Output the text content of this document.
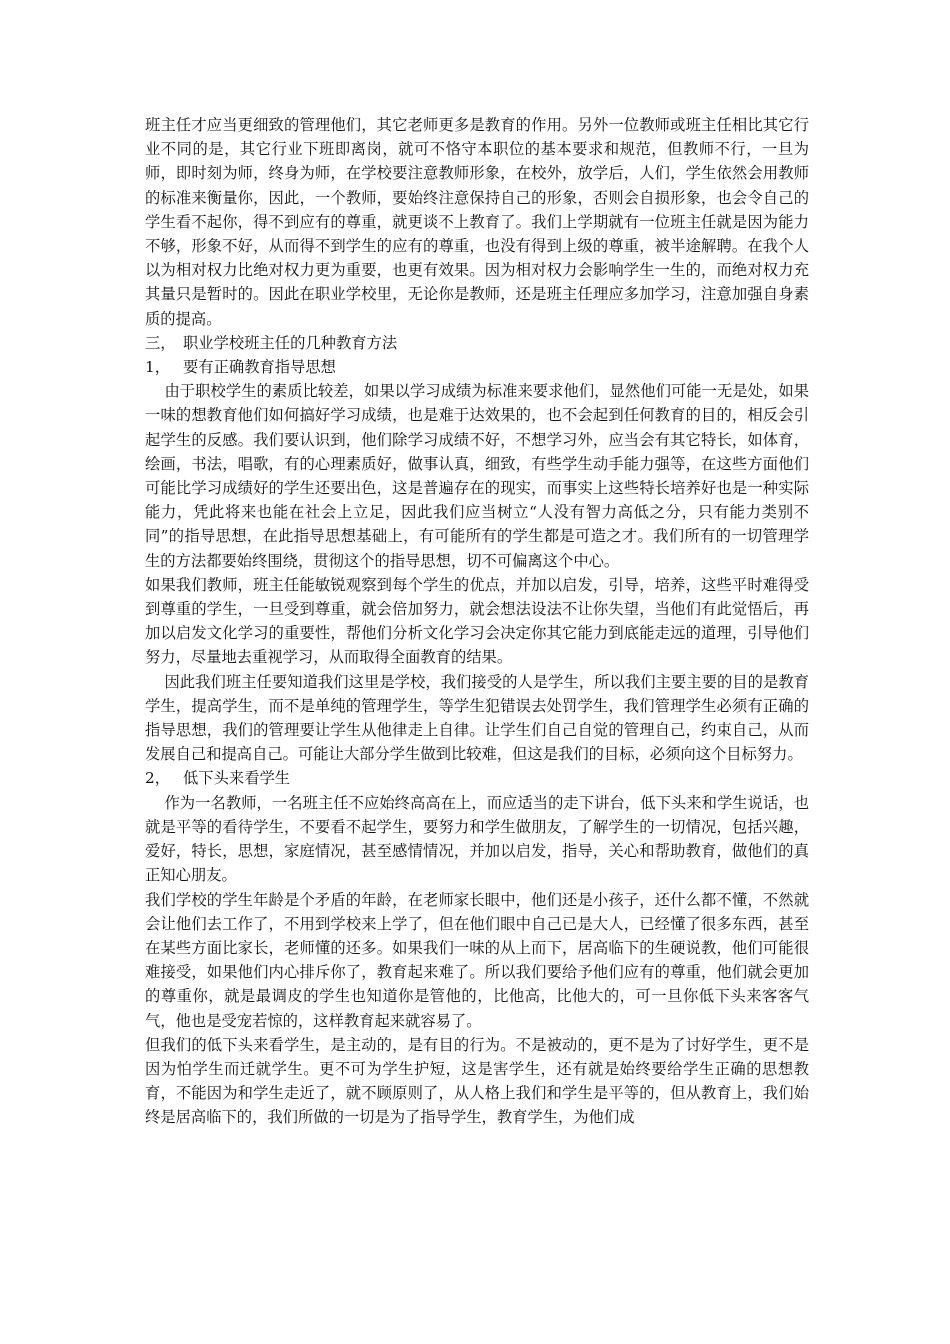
班主任才应当更细致的管理他们，其它老师更多是教育的作用。另外一位教师或班主任相比其它行业不同的是，其它行业下班即离岗，就可不恪守本职位的基本要求和规范，但教师不行，一旦为师，即时刻为师，终身为师，在学校要注意教师形象，在校外，放学后，人们，学生依然会用教师的标准来衡量你，因此，一个教师，要始终注意保持自己的形象，否则会自损形象，也会令自己的学生看不起你，得不到应有的尊重，就更谈不上教育了。我们上学期就有一位班主任就是因为能力不够，形象不好，从而得不到学生的应有的尊重，也没有得到上级的尊重，被半途解聘。在我个人以为相对权力比绝对权力更为重要，也更有效果。因为相对权力会影响学生一生的，而绝对权力充其量只是暂时的。因此在职业学校里，无论你是教师，还是班主任理应多加学习，注意加强自身素质的提高。

三， 职业学校班主任的几种教育方法

1， 要有正确教育指导思想

由于职校学生的素质比较差，如果以学习成绩为标准来要求他们，显然他们可能一无是处，如果一味的想教育他们如何搞好学习成绩，也是难于达效果的，也不会起到任何教育的目的，相反会引起学生的反感。我们要认识到，他们除学习成绩不好，不想学习外，应当会有其它特长，如体育，绘画，书法，唱歌，有的心理素质好，做事认真，细致，有些学生动手能力强等，在这些方面他们可能比学习成绩好的学生还要出色，这是普遍存在的现实，而事实上这些特长培养好也是一种实际能力，凭此将来也能在社会上立足，因此我们应当树立“人没有智力高低之分，只有能力类别不同”的指导思想，在此指导思想基础上，有可能所有的学生都是可造之才。我们所有的一切管理学生的方法都要始终围绕，贯彻这个的指导思想，切不可偏离这个中心。

如果我们教师，班主任能敏锐观察到每个学生的优点，并加以启发，引导，培养，这些平时难得受到尊重的学生，一旦受到尊重，就会倍加努力，就会想法设法不让你失望，当他们有此觉悟后，再加以启发文化学习的重要性，帮他们分析文化学习会决定你其它能力到底能走远的道理，引导他们努力，尽量地去重视学习，从而取得全面教育的结果。

因此我们班主任要知道我们这里是学校，我们接受的人是学生，所以我们主要主要的目的是教育学生，提高学生，而不是单纯的管理学生，等学生犯错误去处罚学生，我们管理学生必须有正确的指导思想，我们的管理要让学生从他律走上自律。让学生们自己自觉的管理自己，约束自己，从而发展自己和提高自己。可能让大部分学生做到比较难，但这是我们的目标，必须向这个目标努力。

2， 低下头来看学生

作为一名教师，一名班主任不应始终高高在上，而应适当的走下讲台，低下头来和学生说话，也就是平等的看待学生，不要看不起学生，要努力和学生做朋友，了解学生的一切情况，包括兴趣，爱好，特长，思想，家庭情况，甚至感情情况，并加以启发，指导，关心和帮助教育，做他们的真正知心朋友。

我们学校的学生年龄是个矛盾的年龄，在老师家长眼中，他们还是小孩子，还什么都不懂，不然就会让他们去工作了，不用到学校来上学了，但在他们眼中自己已是大人，已经懂了很多东西，甚至在某些方面比家长，老师懂的还多。如果我们一味的从上而下，居高临下的生硬说教，他们可能很难接受，如果他们内心排斥你了，教育起来难了。所以我们要给予他们应有的尊重，他们就会更加的尊重你，就是最调皮的学生也知道你是管他的，比他高，比他大的，可一旦你低下头来客客气气，他也是受宠若惊的，这样教育起来就容易了。

但我们的低下头来看学生，是主动的，是有目的行为。不是被动的，更不是为了讨好学生，更不是因为怕学生而迁就学生。更不可为学生护短，这是害学生，还有就是始终要给学生正确的思想教育，不能因为和学生走近了，就不顾原则了，从人格上我们和学生是平等的，但从教育上，我们始终是居高临下的，我们所做的一切是为了指导学生，教育学生，为他们成
